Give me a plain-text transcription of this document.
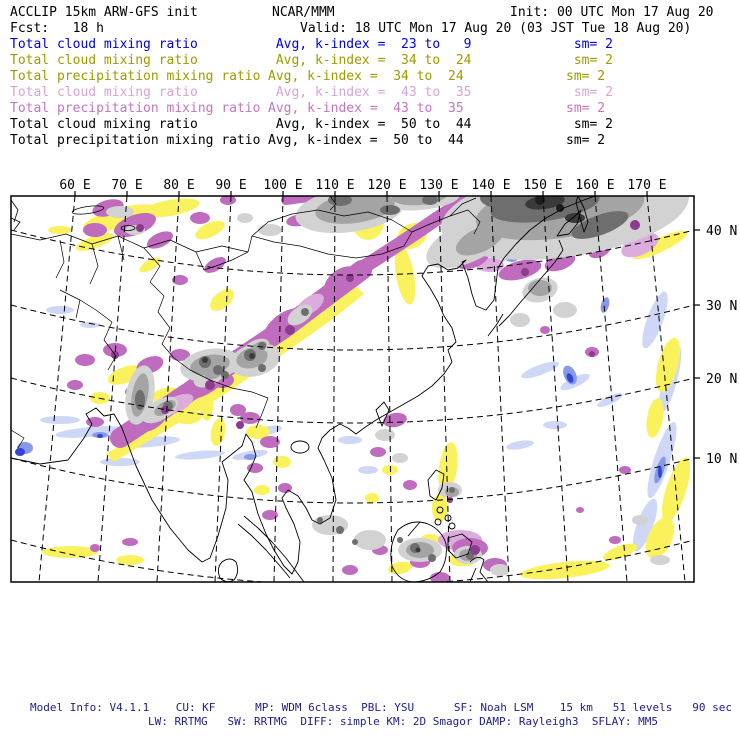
ACCLIP 15km ARW-GFS init	NCAR/MMM	Init: 00 UTC Mon 17 Aug 20
Fcst:   18 h	Valid: 18 UTC Mon 17 Aug 20 (03 JST Tue 18 Aug 20)
Total cloud mixing ratio	Avg, k-index =  23 to   9	sm= 2
Total cloud mixing ratio	Avg, k-index =  34 to  24	sm= 2
Total precipitation mixing ratio Avg, k-index =  34 to  24	sm= 2
Total cloud mixing ratio	Avg, k-index =  43 to  35	sm= 2
Total precipitation mixing ratio Avg, k-index =  43 to  35	sm= 2
Total cloud mixing ratio	Avg, k-index =  50 to  44	sm= 2
Total precipitation mixing ratio Avg, k-index =  50 to  44	sm= 2
60 E 70 E 80 E 90 E 100 E 110 E 120 E 130 E 140 E 150 E 160 E 170 E
40 N
30 N
20 N
10 N
Model Info: V4.1.1    CU: KF      MP: WDM 6class  PBL: YSU      SF: Noah LSM    15 km   51 levels   90 sec
LW: RRTMG   SW: RRTMG  DIFF: simple KM: 2D Smagor DAMP: Rayleigh3  SFLAY: MM5
